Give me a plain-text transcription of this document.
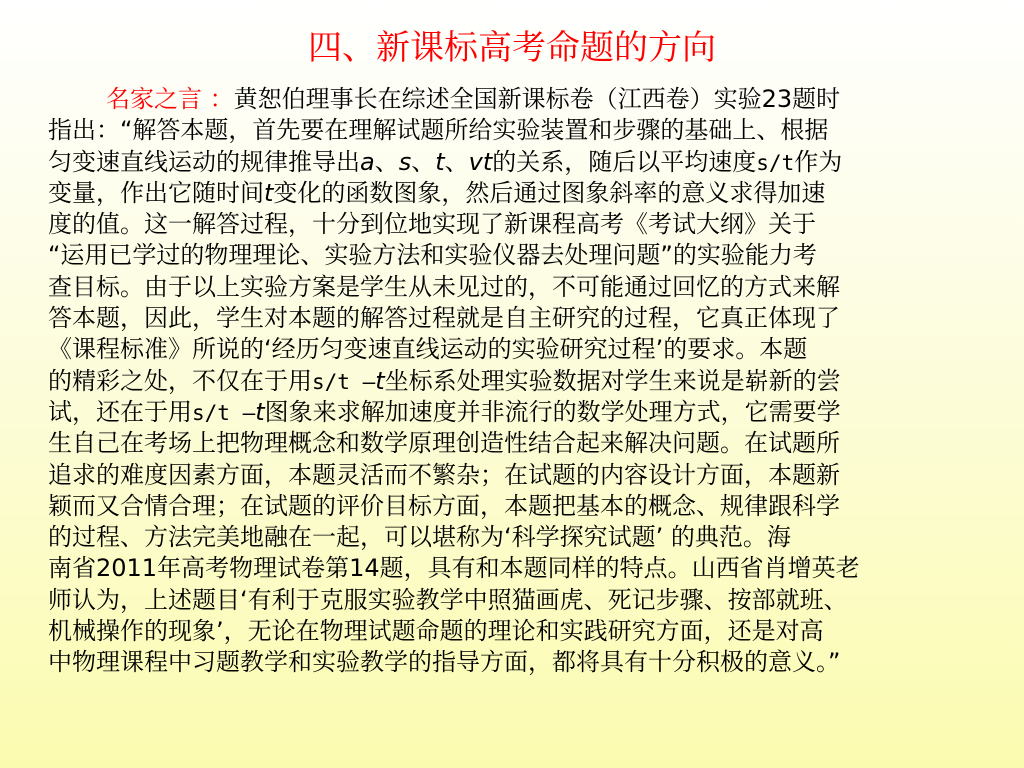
四、新课标高考命题的方向
名家之言 ：黄恕伯理事长在综述全国新课标卷（江西卷）实验23题时
指出：“解答本题，首先要在理解试题所给实验装置和步骤的基础上、根据
匀变速直线运动的规律推导出a、s、t、vt的关系，随后以平均速度s/t作为
变量，作出它随时间t变化的函数图象，然后通过图象斜率的意义求得加速
度的值。这一解答过程，十分到位地实现了新课程高考《考试大纲》关于
“运用已学过的物理理论、实验方法和实验仪器去处理问题”的实验能力考
查目标。由于以上实验方案是学生从未见过的，不可能通过回忆的方式来解
答本题，因此，学生对本题的解答过程就是自主研究的过程，它真正体现了
《课程标准》所说的‘经历匀变速直线运动的实验研究过程’的要求。本题
的精彩之处，不仅在于用s/t –t坐标系处理实验数据对学生来说是崭新的尝
试，还在于用s/t –t图象来求解加速度并非流行的数学处理方式，它需要学
生自己在考场上把物理概念和数学原理创造性结合起来解决问题。在试题所
追求的难度因素方面，本题灵活而不繁杂；在试题的内容设计方面，本题新
颖而又合情合理；在试题的评价目标方面，本题把基本的概念、规律跟科学
的过程、方法完美地融在一起，可以堪称为‘科学探究试题’ 的典范。海
南省2011年高考物理试卷第14题，具有和本题同样的特点。山西省肖增英老
师认为，上述题目‘有利于克服实验教学中照猫画虎、死记步骤、按部就班、
机械操作的现象’，无论在物理试题命题的理论和实践研究方面，还是对高
中物理课程中习题教学和实验教学的指导方面，都将具有十分积极的意义。”
